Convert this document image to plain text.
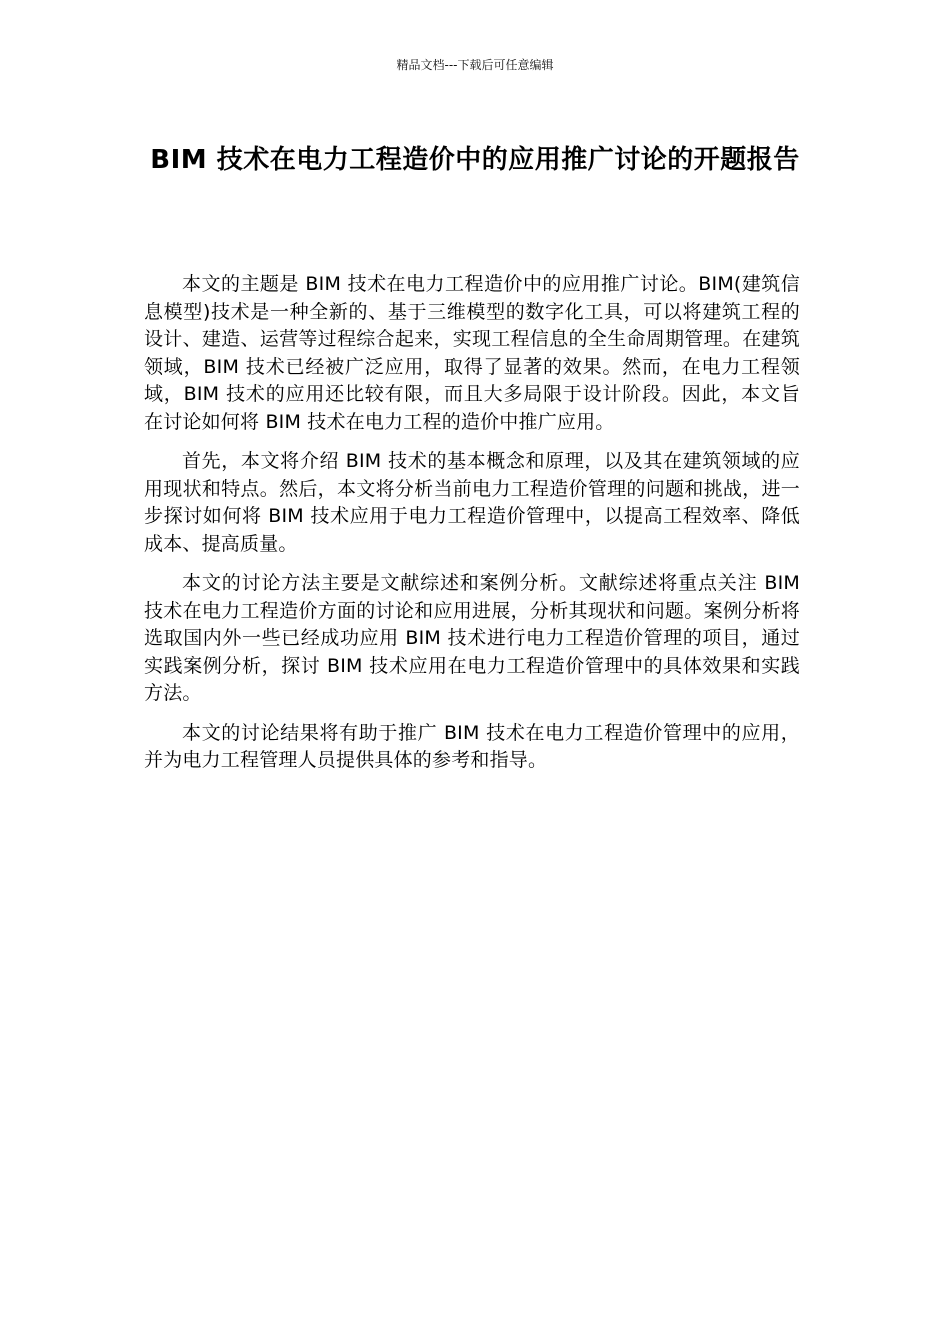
精品文档---下载后可任意编辑
BIM 技术在电力工程造价中的应用推广讨论的开题报告

本文的主题是 BIM 技术在电力工程造价中的应用推广讨论。BIM(建筑信息模型)技术是一种全新的、基于三维模型的数字化工具，可以将建筑工程的设计、建造、运营等过程综合起来，实现工程信息的全生命周期管理。在建筑领域，BIM 技术已经被广泛应用，取得了显著的效果。然而，在电力工程领域，BIM 技术的应用还比较有限，而且大多局限于设计阶段。因此，本文旨在讨论如何将 BIM 技术在电力工程的造价中推广应用。

首先，本文将介绍 BIM 技术的基本概念和原理，以及其在建筑领域的应用现状和特点。然后，本文将分析当前电力工程造价管理的问题和挑战，进一步探讨如何将 BIM 技术应用于电力工程造价管理中，以提高工程效率、降低成本、提高质量。

本文的讨论方法主要是文献综述和案例分析。文献综述将重点关注 BIM 技术在电力工程造价方面的讨论和应用进展，分析其现状和问题。案例分析将选取国内外一些已经成功应用 BIM 技术进行电力工程造价管理的项目，通过实践案例分析，探讨 BIM 技术应用在电力工程造价管理中的具体效果和实践方法。

本文的讨论结果将有助于推广 BIM 技术在电力工程造价管理中的应用，并为电力工程管理人员提供具体的参考和指导。
